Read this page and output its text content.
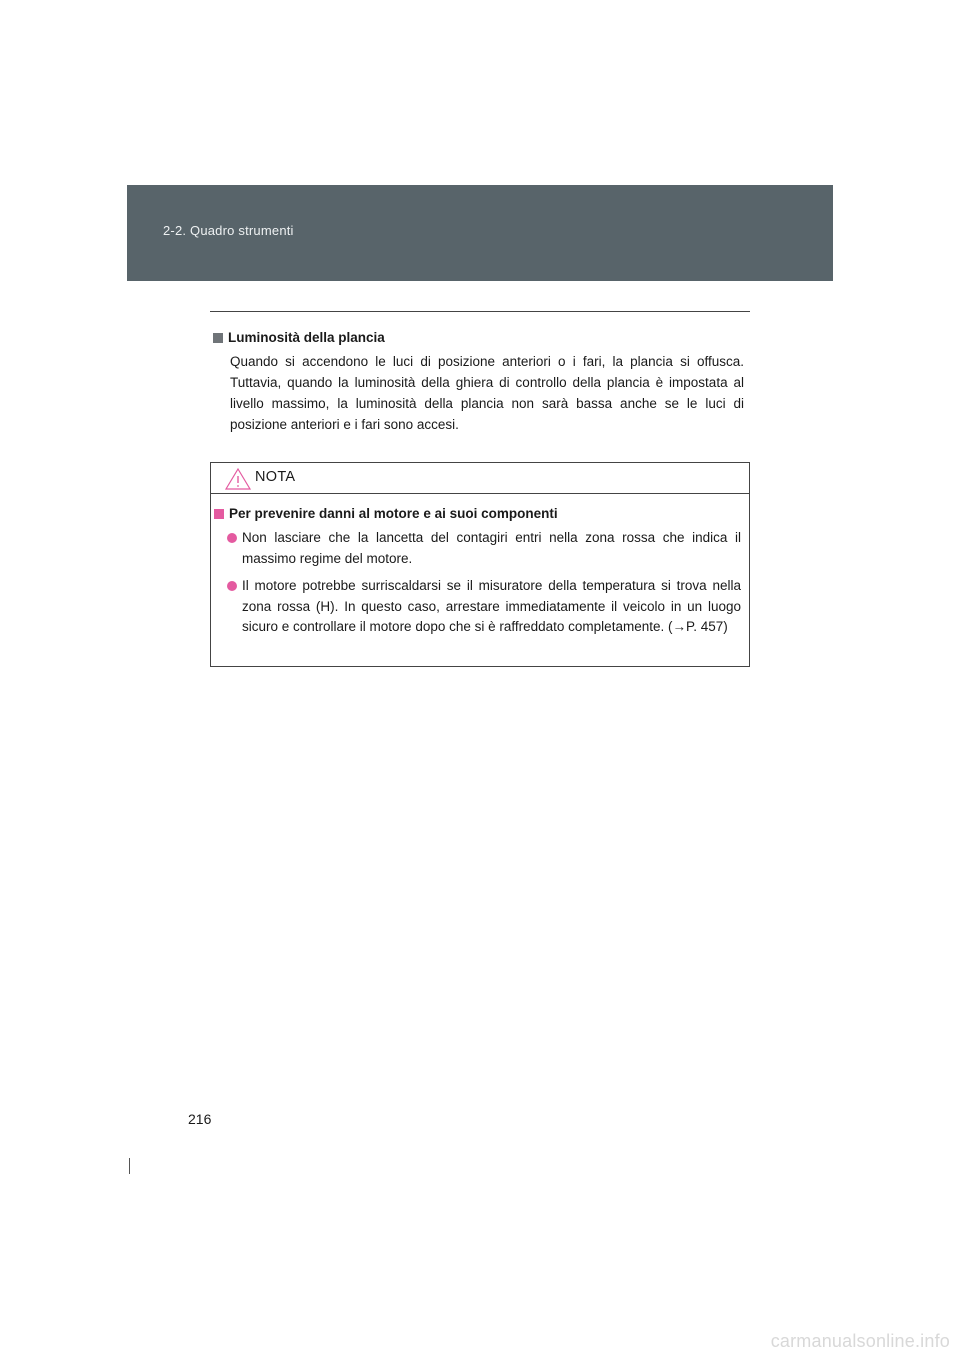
2-2. Quadro strumenti
Luminosità della plancia

Quando si accendono le luci di posizione anteriori o i fari, la plancia si offusca. Tuttavia, quando la luminosità della ghiera di controllo della plancia è impostata al livello massimo, la luminosità della plancia non sarà bassa anche se le luci di posizione anteriori e i fari sono accesi.

NOTA
Per prevenire danni al motore e ai suoi componenti
Non lasciare che la lancetta del contagiri entri nella zona rossa che indica il massimo regime del motore.
Il motore potrebbe surriscaldarsi se il misuratore della temperatura si trova nella zona rossa (H). In questo caso, arrestare immediatamente il veicolo in un luogo sicuro e controllare il motore dopo che si è raffreddato completamente. (→P. 457)
216
carmanualsonline.info
